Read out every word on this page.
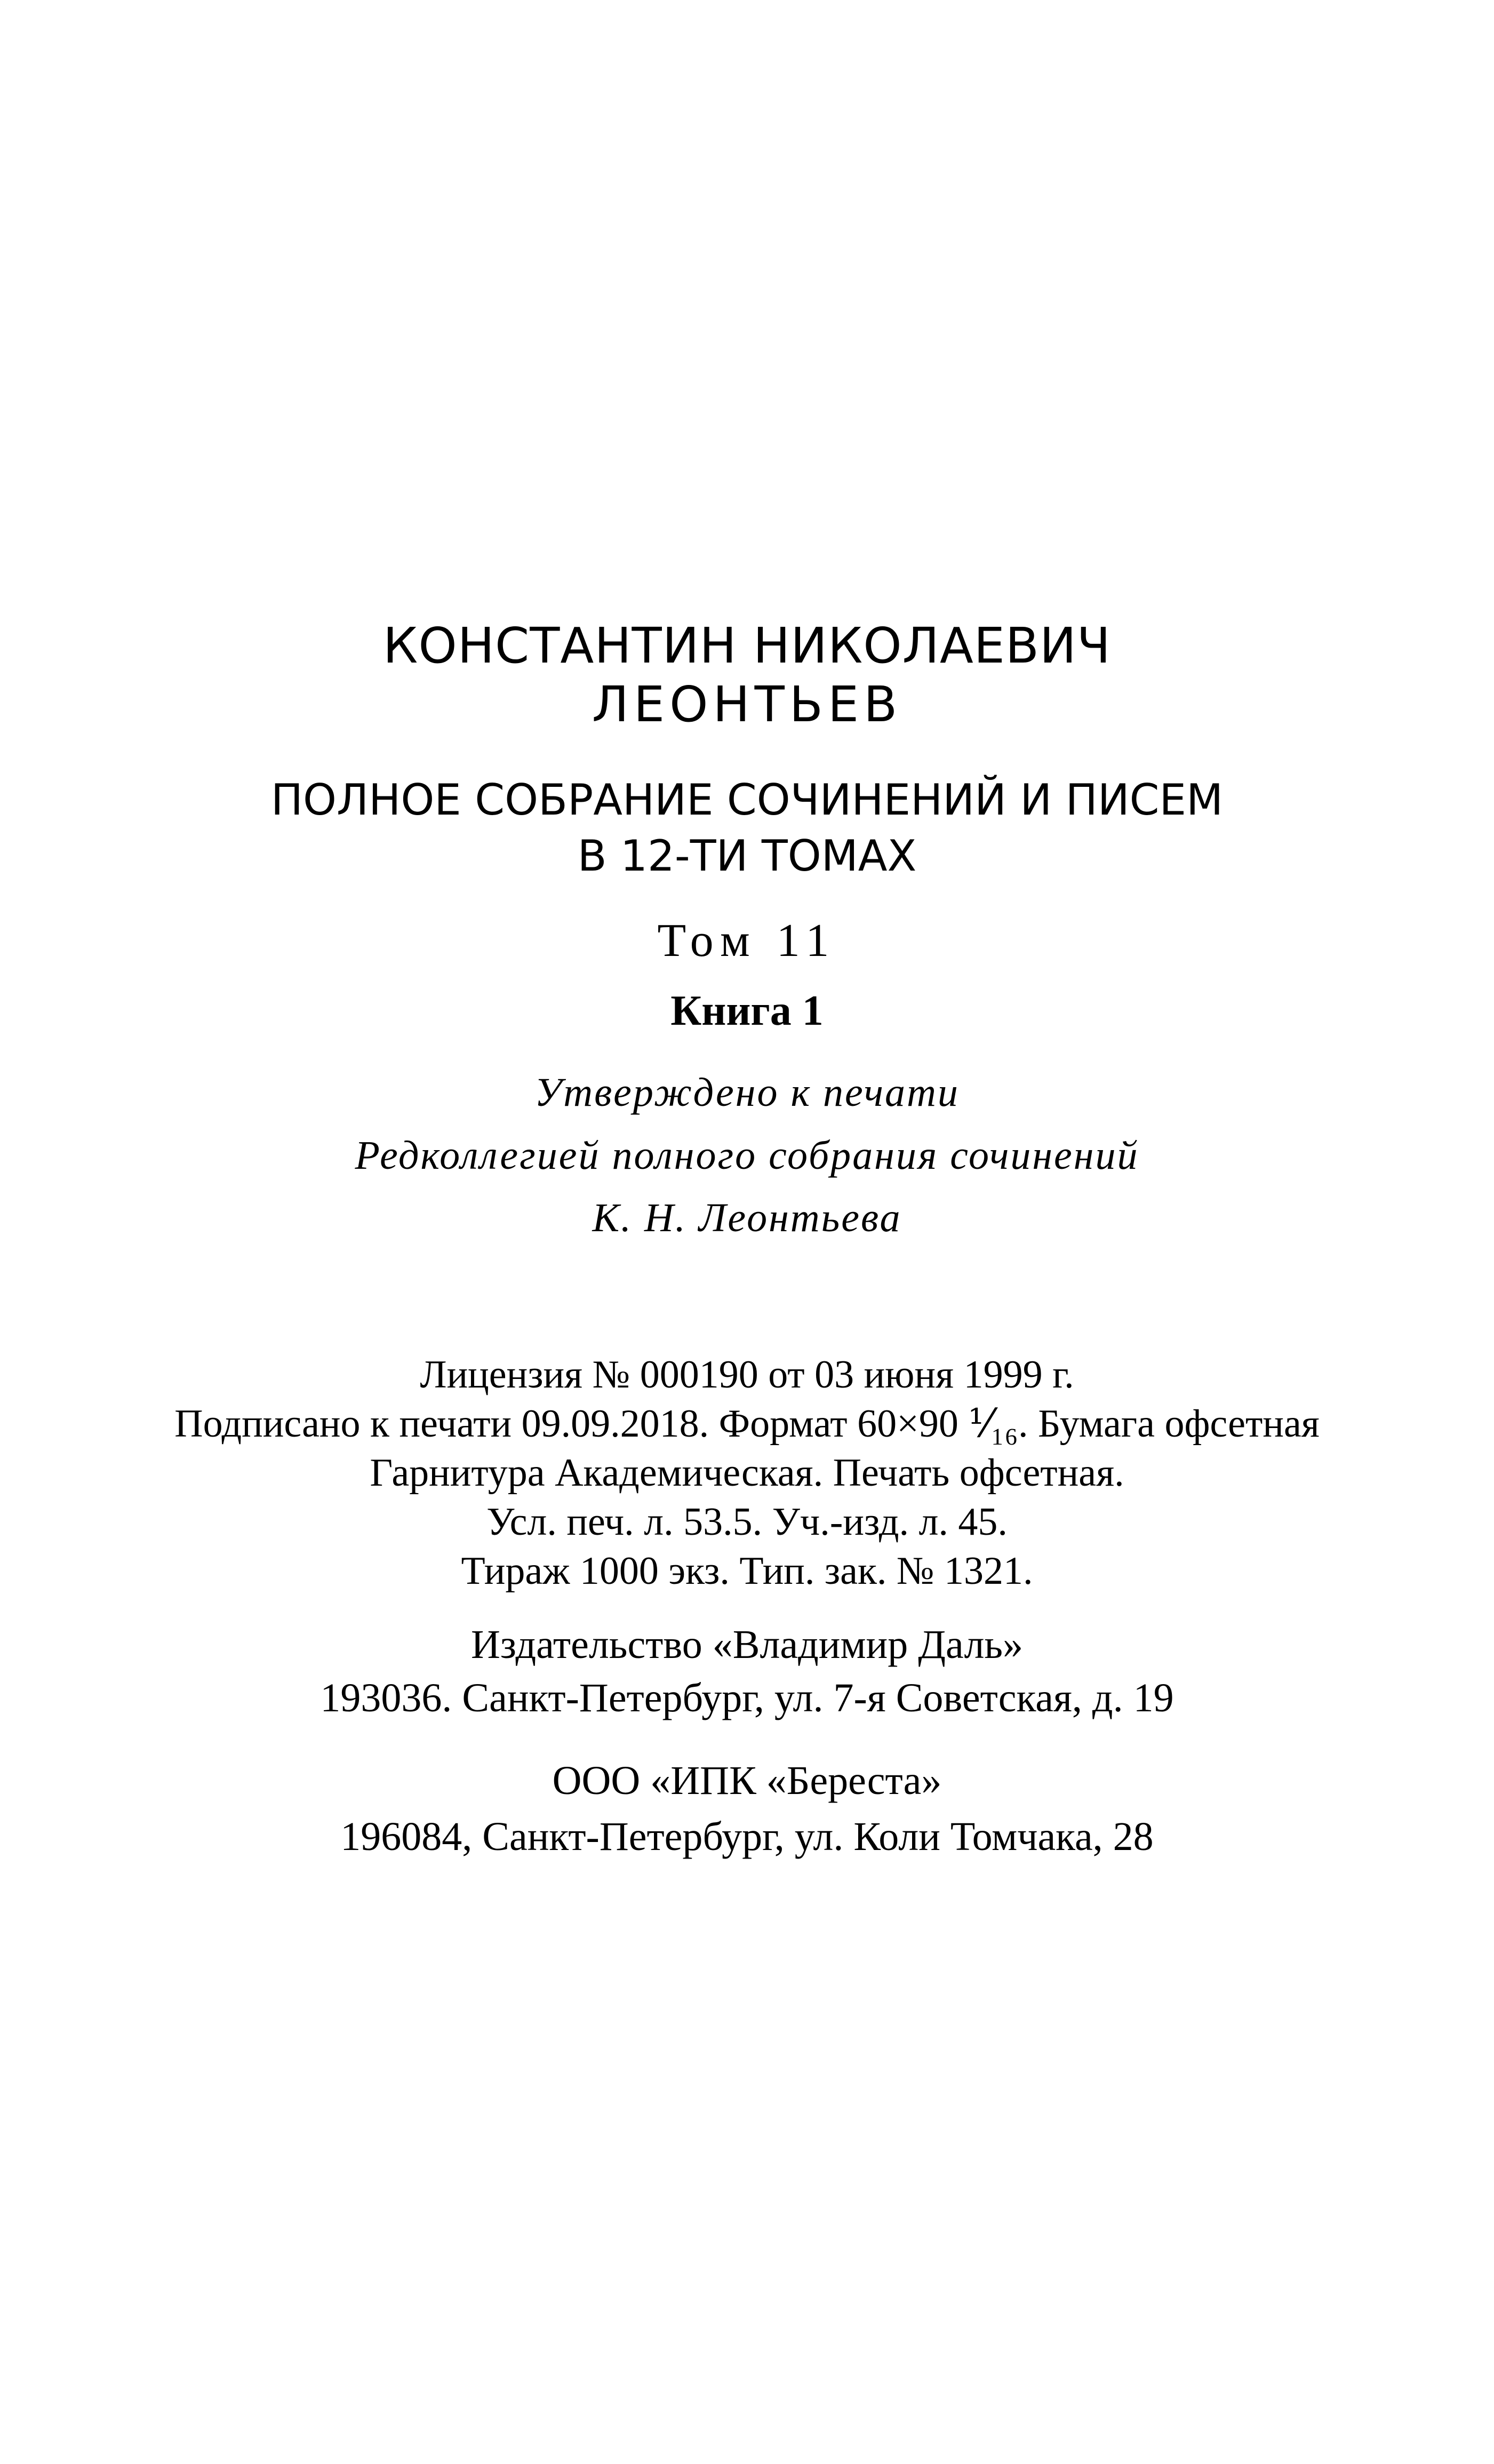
КОНСТАНТИН НИКОЛАЕВИЧ
ЛЕОНТЬЕВ
ПОЛНОЕ СОБРАНИЕ СОЧИНЕНИЙ И ПИСЕМ
В 12-ТИ ТОМАХ
Том 11
Книга 1
Утверждено к печати
Редколлегией полного собрания сочинений
К. Н. Леонтьева
Лицензия № 000190 от 03 июня 1999 г.
Подписано к печати 09.09.2018. Формат 60×90 ⅟₁₆. Бумага офсетная
Гарнитура Академическая. Печать офсетная.
Усл. печ. л. 53.5. Уч.-изд. л. 45.
Тираж 1000 экз. Тип. зак. № 1321.
Издательство «Владимир Даль»
193036. Санкт-Петербург, ул. 7-я Советская, д. 19
ООО «ИПК «Береста»
196084, Санкт-Петербург, ул. Коли Томчака, 28
